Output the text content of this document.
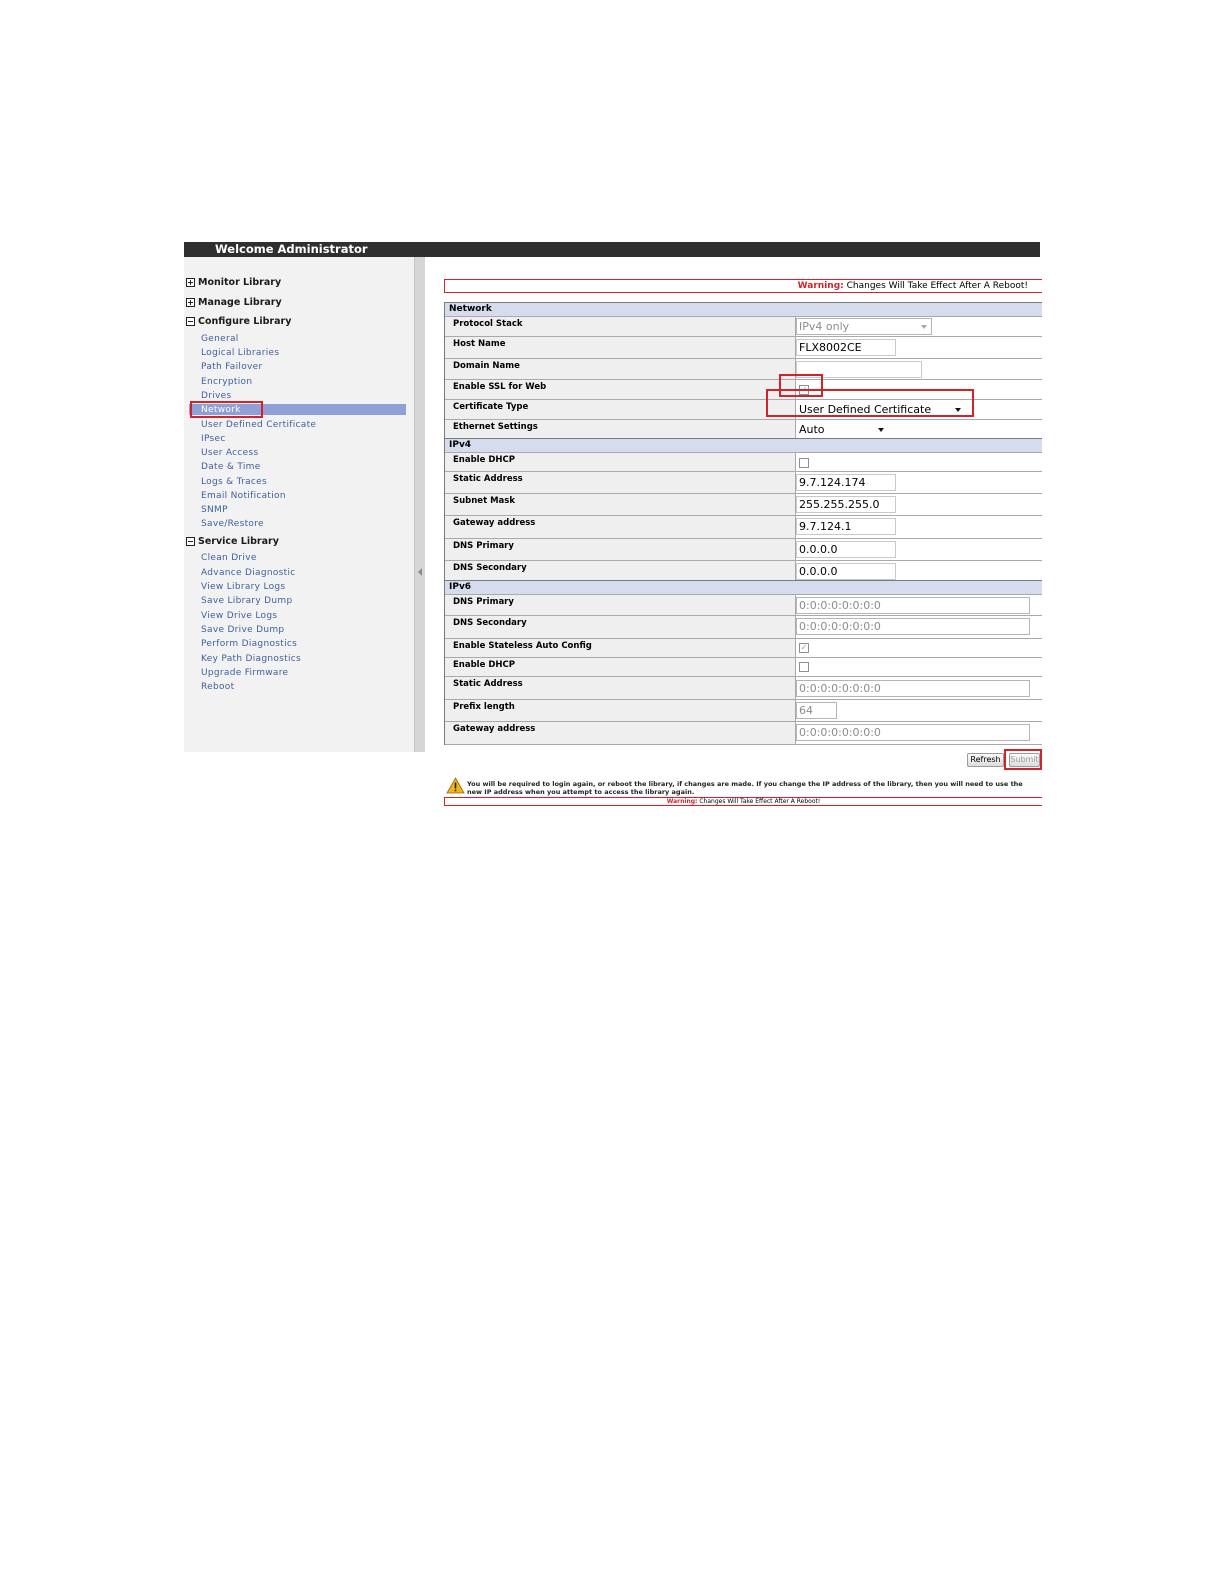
Welcome Administrator
Monitor Library
Manage Library
Configure Library
General
Logical Libraries
Path Failover
Encryption
Drives
Network
User Defined Certificate
IPsec
User Access
Date & Time
Logs & Traces
Email Notification
SNMP
Save/Restore
Service Library
Clean Drive
Advance Diagnostic
View Library Logs
Save Library Dump
View Drive Logs
Save Drive Dump
Perform Diagnostics
Key Path Diagnostics
Upgrade Firmware
Reboot
Warning: Changes Will Take Effect After A Reboot!
Network
Protocol Stack	IPv4 only
Host Name	FLX8002CE
Domain Name
Enable SSL for Web	✓
Certificate Type	User Defined Certificate
Ethernet Settings	Auto
IPv4
Enable DHCP
Static Address	9.7.124.174
Subnet Mask	255.255.255.0
Gateway address	9.7.124.1
DNS Primary	0.0.0.0
DNS Secondary	0.0.0.0
IPv6
DNS Primary	0:0:0:0:0:0:0:0
DNS Secondary	0:0:0:0:0:0:0:0
Enable Stateless Auto Config	✓
Enable DHCP
Static Address	0:0:0:0:0:0:0:0
Prefix length	64
Gateway address	0:0:0:0:0:0:0:0
Refresh	Submit
You will be required to login again, or reboot the library, if changes are made. If you change the IP address of the library, then you will need to use the new IP address when you attempt to access the library again.
Warning: Changes Will Take Effect After A Reboot!
